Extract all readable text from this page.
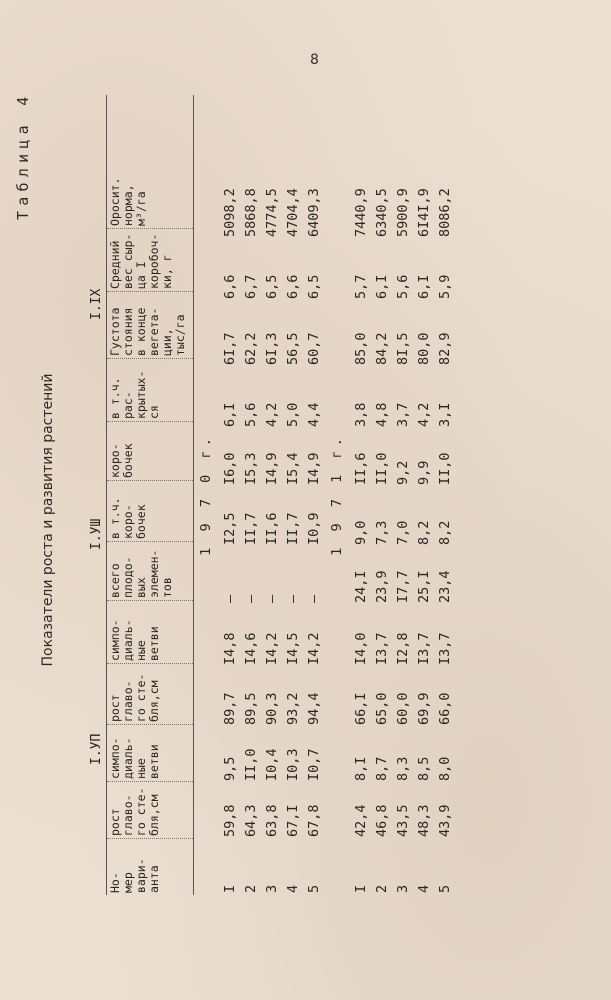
8
Таблица 4
Показатели роста и развития растений
I.УП
I.УШ
I.IX
Но-
мер
вари-
анта
рост
главо-
го сте-
бля,см
симпо-
диаль-
ные
ветви
рост
главо-
го сте-
бля,см
симпо-
диаль-
ные
ветви
всего
плодо-
вых
элемен-
тов
в т.ч.
коро-
бочек
коро-
бочек
в т.ч.
рас-
крытых-
ся
Густота
стояния
в конце
вегета-
ции,
тыс/га
Средний
вес сыр-
ца I
коробоч-
ки, г
Оросит.
норма,
м³/га
1 9 7 0 г.
I
59,8
9,5
89,7
I4,8
—
I2,5
I6,0
6,I
6I,7
6,6
5098,2
2
64,3
II,0
89,5
I4,6
—
II,7
I5,3
5,6
62,2
6,7
5868,8
3
63,8
I0,4
90,3
I4,2
—
II,6
I4,9
4,2
6I,3
6,5
4774,5
4
67,I
I0,3
93,2
I4,5
—
II,7
I5,4
5,0
56,5
6,6
4704,4
5
67,8
I0,7
94,4
I4,2
—
I0,9
I4,9
4,4
60,7
6,5
6409,3
1 9 7 1 г.
I
42,4
8,I
66,I
I4,0
24,I
9,0
II,6
3,8
85,0
5,7
7440,9
2
46,8
8,7
65,0
I3,7
23,9
7,3
II,0
4,8
84,2
6,I
6340,5
3
43,5
8,3
60,0
I2,8
I7,7
7,0
9,2
3,7
8I,5
5,6
5900,9
4
48,3
8,5
69,9
I3,7
25,I
8,2
9,9
4,2
80,0
6,I
6I4I,9
5
43,9
8,0
66,0
I3,7
23,4
8,2
II,0
3,I
82,9
5,9
8086,2
